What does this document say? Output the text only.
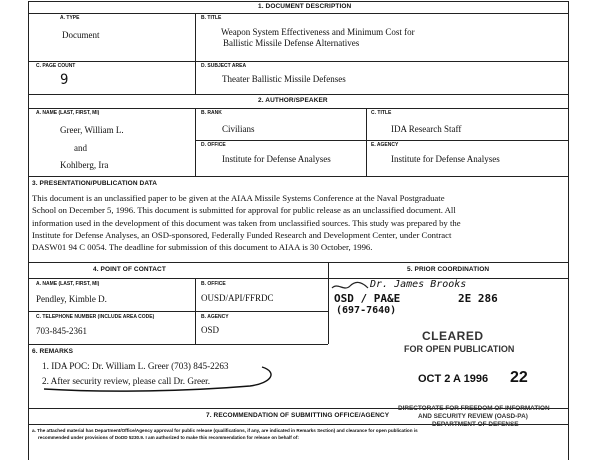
1. DOCUMENT DESCRIPTION
A. TYPE
Document
B. TITLE
Weapon System Effectiveness and Minimum Cost for
Ballistic Missile Defense Alternatives
C. PAGE COUNT
9
D. SUBJECT AREA
Theater Ballistic Missile Defenses
2. AUTHOR/SPEAKER
A. NAME (LAST, FIRST, MI)
Greer, William L.
and
Kohlberg, Ira
B. RANK
Civilians
C. TITLE
IDA Research Staff
D. OFFICE
Institute for Defense Analyses
E. AGENCY
Institute for Defense Analyses
3. PRESENTATION/PUBLICATION DATA
This document is an unclassified paper to be given at the AIAA Missile Systems Conference at the Naval Postgraduate
School on December 5, 1996. This document is submitted for approval for public release as an unclassified document. All
information used in the development of this document was taken from unclassified sources. This study was prepared by the
Institute for Defense Analyses, an OSD-sponsored, Federally Funded Research and Development Center, under Contract
DASW01 94 C 0054. The deadline for submission of this document to AIAA is 30 October, 1996.
4. POINT OF CONTACT
A. NAME (LAST, FIRST, MI)
Pendley, Kimble D.
B. OFFICE
OUSD/API/FFRDC
C. TELEPHONE NUMBER (INCLUDE AREA CODE)
703-845-2361
B. AGENCY
OSD
5. PRIOR COORDINATION
Dr. James Brooks
OSD / PA&E	2E 286
(697-7640)
6. REMARKS
1. IDA POC: Dr. William L. Greer (703) 845-2263
2. After security review, please call Dr. Greer.
CLEARED
FOR OPEN PUBLICATION
OCT 2 A 1996 22
DIRECTORATE FOR FREEDOM OF INFORMATION
AND SECURITY REVIEW (OASD-PA)
DEPARTMENT OF DEFENSE
7. RECOMMENDATION OF SUBMITTING OFFICE/AGENCY
a. The attached material has Department/Office/Agency approval for public release (qualifications, if any, are indicated in Remarks Section) and clearance for open publication is
recommended under provisions of DoDD 5230.9. I am authorized to make this recommendation for release on behalf of:
